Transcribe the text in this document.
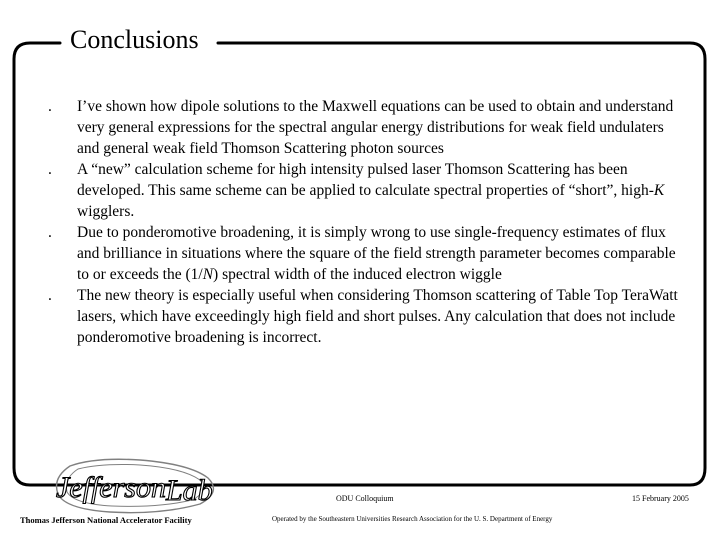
Conclusions
.	I’ve shown how dipole solutions to the Maxwell equations can be used to obtain and understand very general expressions for the spectral angular energy distributions for weak field undulaters and general weak field Thomson Scattering photon sources
.	A “new” calculation scheme for high intensity pulsed laser Thomson Scattering has been developed. This same scheme can be applied to calculate spectral properties of “short”, high-K wigglers.
.	Due to ponderomotive broadening, it is simply wrong to use single-frequency estimates of flux and brilliance in situations where the square of the field strength parameter becomes comparable to or exceeds the (1/N) spectral width of the induced electron wiggle
.	The new theory is especially useful when considering Thomson scattering of Table Top TeraWatt lasers, which have exceedingly high field and short pulses. Any calculation that does not include ponderomotive broadening is incorrect.
Jefferson Lab	ODU Colloquium	15 February 2005
Thomas Jefferson National Accelerator Facility	Operated by the Southeastern Universities Research Association for the U. S. Department of Energy
